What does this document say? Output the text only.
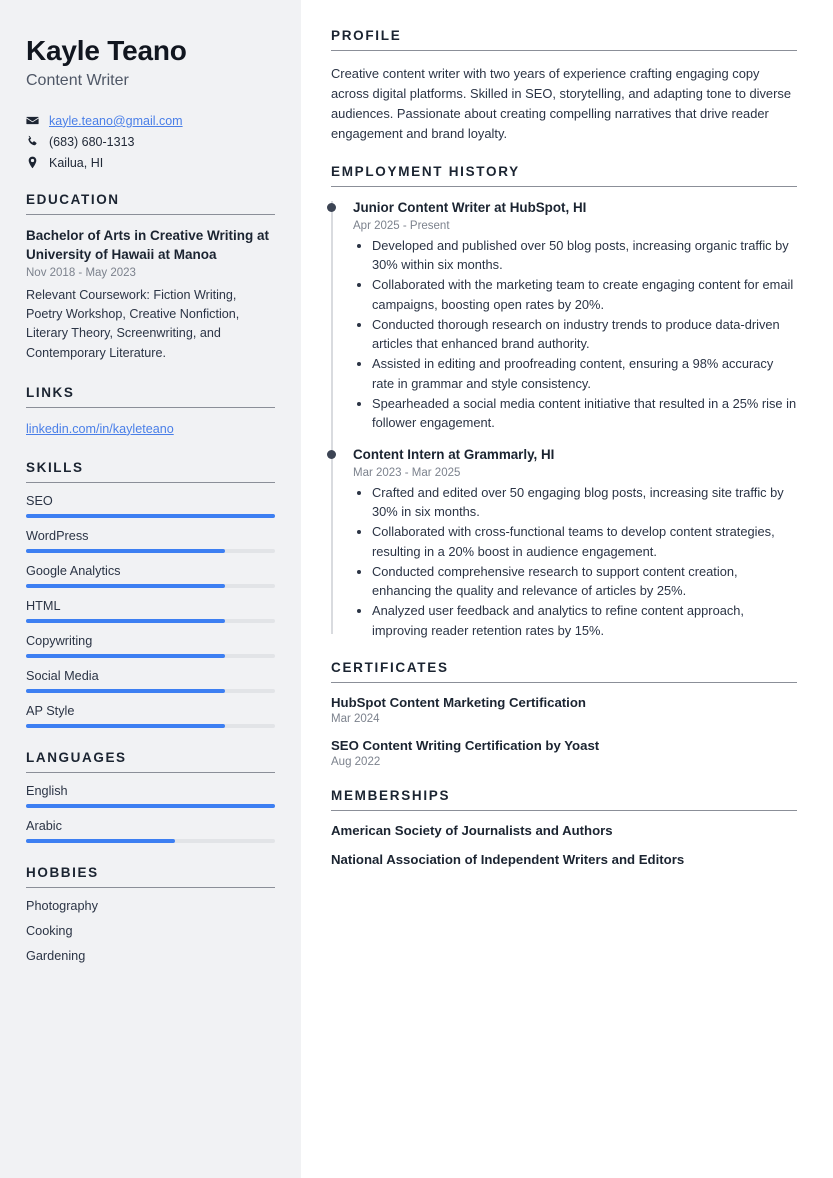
Kayle Teano
Content Writer
kayle.teano@gmail.com
(683) 680-1313
Kailua, HI
EDUCATION
Bachelor of Arts in Creative Writing at University of Hawaii at Manoa
Nov 2018 - May 2023
Relevant Coursework: Fiction Writing, Poetry Workshop, Creative Nonfiction, Literary Theory, Screenwriting, and Contemporary Literature.
LINKS
linkedin.com/in/kayleteano
SKILLS
SEO
WordPress
Google Analytics
HTML
Copywriting
Social Media
AP Style
LANGUAGES
English
Arabic
HOBBIES
Photography
Cooking
Gardening
PROFILE

Creative content writer with two years of experience crafting engaging copy across digital platforms. Skilled in SEO, storytelling, and adapting tone to diverse audiences. Passionate about creating compelling narratives that drive reader engagement and brand loyalty.

EMPLOYMENT HISTORY
Junior Content Writer at HubSpot, HI
Apr 2025 - Present
• Developed and published over 50 blog posts, increasing organic traffic by 30% within six months.
• Collaborated with the marketing team to create engaging content for email campaigns, boosting open rates by 20%.
• Conducted thorough research on industry trends to produce data-driven articles that enhanced brand authority.
• Assisted in editing and proofreading content, ensuring a 98% accuracy rate in grammar and style consistency.
• Spearheaded a social media content initiative that resulted in a 25% rise in follower engagement.
Content Intern at Grammarly, HI
Mar 2023 - Mar 2025
• Crafted and edited over 50 engaging blog posts, increasing site traffic by 30% in six months.
• Collaborated with cross-functional teams to develop content strategies, resulting in a 20% boost in audience engagement.
• Conducted comprehensive research to support content creation, enhancing the quality and relevance of articles by 25%.
• Analyzed user feedback and analytics to refine content approach, improving reader retention rates by 15%.
CERTIFICATES
HubSpot Content Marketing Certification
Mar 2024
SEO Content Writing Certification by Yoast
Aug 2022
MEMBERSHIPS
American Society of Journalists and Authors
National Association of Independent Writers and Editors
